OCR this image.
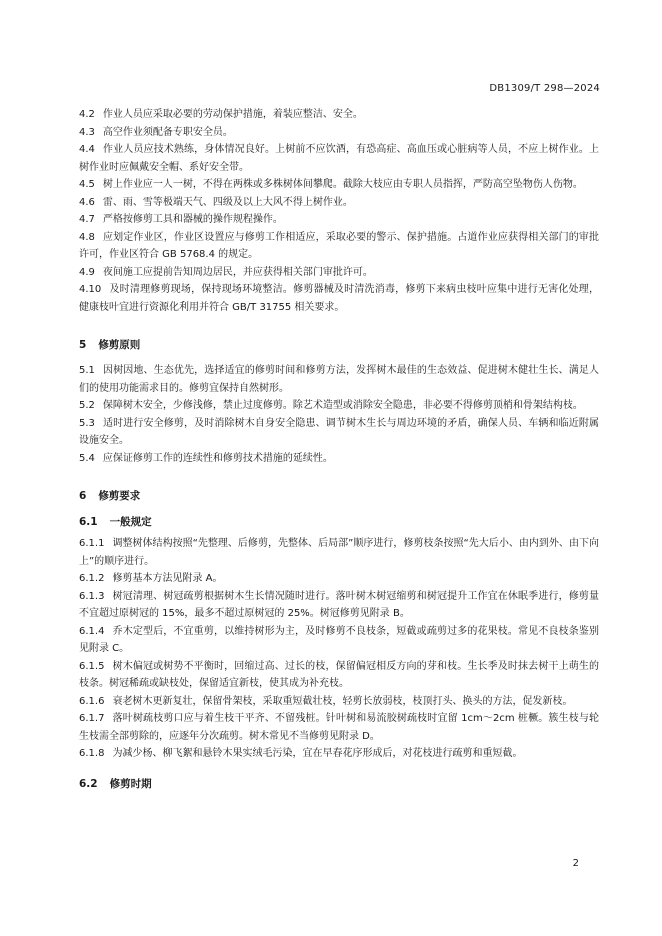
DB1309/T 298—2024

4.2 作业人员应采取必要的劳动保护措施，着装应整洁、安全。

4.3 高空作业须配备专职安全员。

4.4 作业人员应技术熟练，身体情况良好。上树前不应饮酒，有恐高症、高血压或心脏病等人员，不应上树作业。上树作业时应佩戴安全帽、系好安全带。

4.5 树上作业应一人一树，不得在两株或多株树体间攀爬。截除大枝应由专职人员指挥，严防高空坠物伤人伤物。

4.6 雷、雨、雪等极端天气、四级及以上大风不得上树作业。

4.7 严格按修剪工具和器械的操作规程操作。

4.8 应划定作业区，作业区设置应与修剪工作相适应，采取必要的警示、保护措施。占道作业应获得相关部门的审批许可，作业区符合 GB 5768.4 的规定。

4.9 夜间施工应提前告知周边居民，并应获得相关部门审批许可。

4.10 及时清理修剪现场，保持现场环境整洁。修剪器械及时清洗消毒，修剪下来病虫枝叶应集中进行无害化处理，健康枝叶宜进行资源化利用并符合 GB/T 31755 相关要求。

5 修剪原则

5.1 因树因地、生态优先，选择适宜的修剪时间和修剪方法，发挥树木最佳的生态效益、促进树木健壮生长、满足人们的使用功能需求目的。修剪宜保持自然树形。

5.2 保障树木安全，少修浅修，禁止过度修剪。除艺术造型或消除安全隐患，非必要不得修剪顶梢和骨架结构枝。

5.3 适时进行安全修剪，及时消除树木自身安全隐患、调节树木生长与周边环境的矛盾，确保人员、车辆和临近附属设施安全。

5.4 应保证修剪工作的连续性和修剪技术措施的延续性。

6 修剪要求
6.1 一般规定

6.1.1 调整树体结构按照“先整理、后修剪，先整体、后局部”顺序进行，修剪枝条按照“先大后小、由内到外、由下向上”的顺序进行。

6.1.2 修剪基本方法见附录 A。

6.1.3 树冠清理、树冠疏剪根据树木生长情况随时进行。落叶树木树冠缩剪和树冠提升工作宜在休眠季进行，修剪量不宜超过原树冠的 15%，最多不超过原树冠的 25%。树冠修剪见附录 B。

6.1.4 乔木定型后，不宜重剪，以维持树形为主，及时修剪不良枝条，短截或疏剪过多的花果枝。常见不良枝条鉴别见附录 C。

6.1.5 树木偏冠或树势不平衡时，回缩过高、过长的枝，保留偏冠相反方向的芽和枝。生长季及时抹去树干上萌生的枝条。树冠稀疏或缺枝处，保留适宜新枝，使其成为补充枝。

6.1.6 衰老树木更新复壮，保留骨架枝，采取重短截壮枝，轻剪长放弱枝，枝顶打头、换头的方法，促发新枝。

6.1.7 落叶树疏枝剪口应与着生枝干平齐、不留残桩。针叶树和易流胶树疏枝时宜留 1cm～2cm 桩橛。簇生枝与轮生枝需全部剪除的，应逐年分次疏剪。树木常见不当修剪见附录 D。

6.1.8 为减少杨、柳飞絮和悬铃木果实绒毛污染，宜在早春花序形成后，对花枝进行疏剪和重短截。

6.2 修剪时期
2
